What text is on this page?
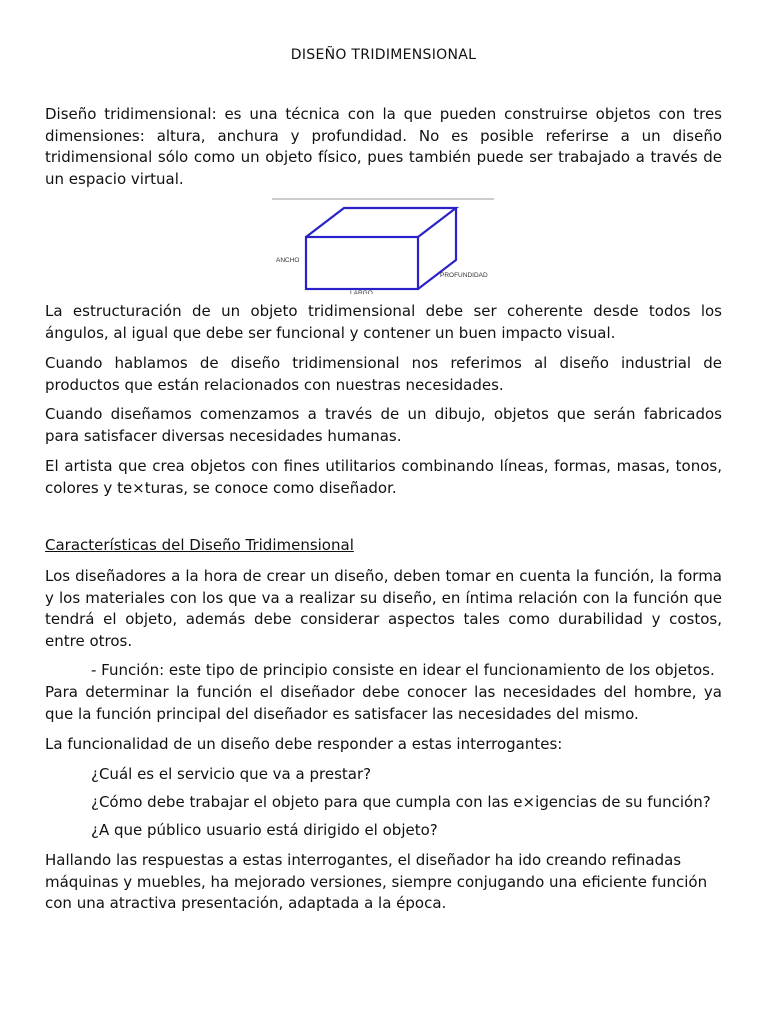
DISEÑO TRIDIMENSIONAL

Diseño tridimensional: es una técnica con la que pueden construirse objetos con tres dimensiones: altura, anchura y profundidad. No es posible referirse a un diseño tridimensional sólo como un objeto físico, pues también puede ser trabajado a través de un espacio virtual.

ANCHO
PROFUNDIDAD
LARGO

La estructuración de un objeto tridimensional debe ser coherente desde todos los ángulos, al igual que debe ser funcional y contener un buen impacto visual.

Cuando hablamos de diseño tridimensional nos referimos al diseño industrial de productos que están relacionados con nuestras necesidades.

Cuando diseñamos comenzamos a través de un dibujo, objetos que serán fabricados para satisfacer diversas necesidades humanas.

El artista que crea objetos con fines utilitarios combinando líneas, formas, masas, tonos, colores y te×turas, se conoce como diseñador.

Características del Diseño Tridimensional

Los diseñadores a la hora de crear un diseño, deben tomar en cuenta la función, la forma y los materiales con los que va a realizar su diseño, en íntima relación con la función que tendrá el objeto, además debe considerar aspectos tales como durabilidad y costos, entre otros.

- Función: este tipo de principio consiste en idear el funcionamiento de los objetos.

Para determinar la función el diseñador debe conocer las necesidades del hombre, ya que la función principal del diseñador es satisfacer las necesidades del mismo.

La funcionalidad de un diseño debe responder a estas interrogantes:

¿Cuál es el servicio que va a prestar?

¿Cómo debe trabajar el objeto para que cumpla con las e×igencias de su función?

¿A que público usuario está dirigido el objeto?

Hallando las respuestas a estas interrogantes, el diseñador ha ido creando refinadas máquinas y muebles, ha mejorado versiones, siempre conjugando una eficiente función con una atractiva presentación, adaptada a la época.
